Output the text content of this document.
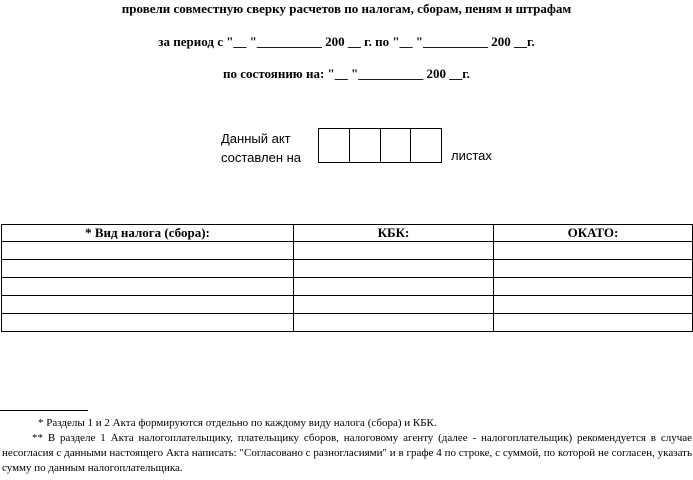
провели совместную сверку расчетов по налогам, сборам, пеням и штрафам
за период с "__ "__________ 200 __ г. по "__ "__________ 200 __г.
по состоянию на: "__ "__________ 200 __г.
Данный акт
составлен на	листах
* Вид налога (сбора):	КБК:	ОКАТО:

* Разделы 1 и 2 Акта формируются отдельно по каждому виду налога (сбора) и КБК.
** В разделе 1 Акта налогоплательщику, плательщику сборов, налоговому агенту (далее - налогоплательщик) рекомендуется в случае несогласия с данными настоящего Акта написать: "Согласовано с разногласиями" и в графе 4 по строке, с суммой, по которой не согласен, указать сумму по данным налогоплательщика.
